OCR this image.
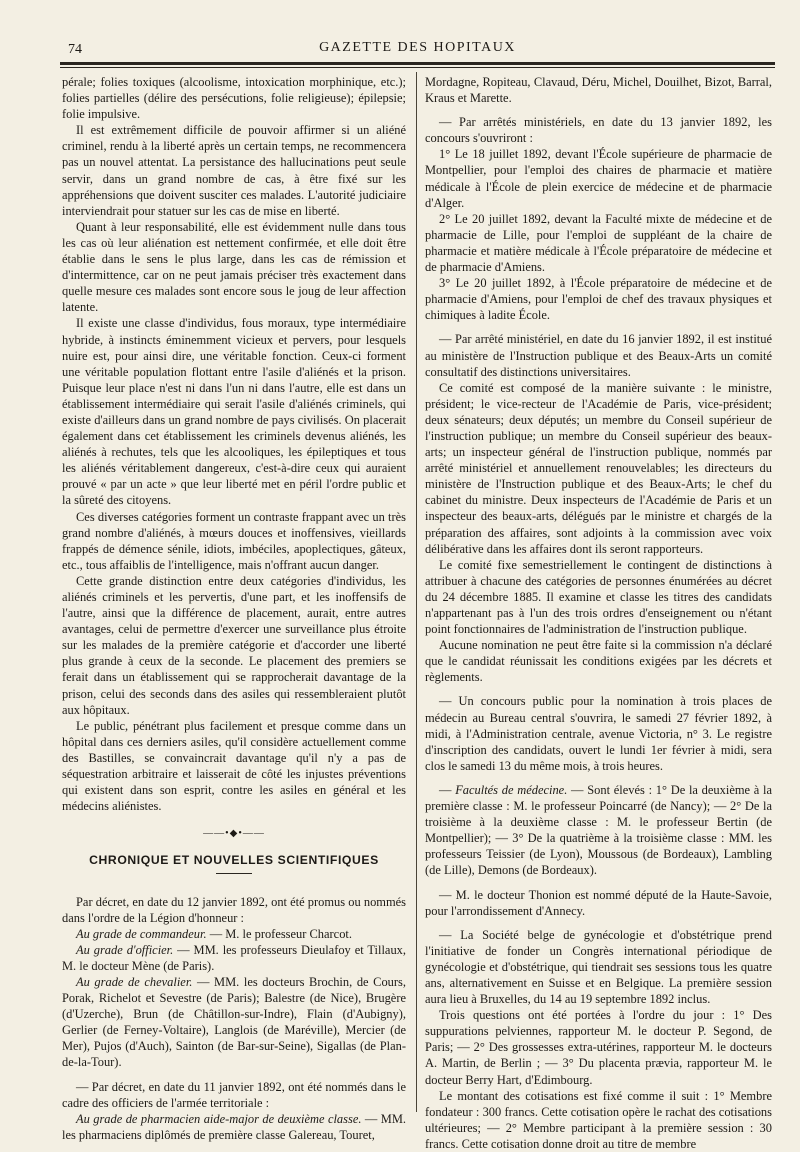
74	GAZETTE DES HOPITAUX

pérale; folies toxiques (alcoolisme, intoxication morphinique, etc.); folies partielles (délire des persécutions, folie religieuse); épilepsie; folie impulsive.

Il est extrêmement difficile de pouvoir affirmer si un aliéné criminel, rendu à la liberté après un certain temps, ne recommencera pas un nouvel attentat. La persistance des hallucinations peut seule servir, dans un grand nombre de cas, à être fixé sur les appréhensions que doivent susciter ces malades. L'autorité judiciaire interviendrait pour statuer sur les cas de mise en liberté.

Quant à leur responsabilité, elle est évidemment nulle dans tous les cas où leur aliénation est nettement confirmée, et elle doit être établie dans le sens le plus large, dans les cas de rémission et d'intermittence, car on ne peut jamais préciser très exactement dans quelle mesure ces malades sont encore sous le joug de leur affection latente.

Il existe une classe d'individus, fous moraux, type intermédiaire hybride, à instincts éminemment vicieux et pervers, pour lesquels nuire est, pour ainsi dire, une véritable fonction. Ceux-ci forment une véritable population flottant entre l'asile d'aliénés et la prison. Puisque leur place n'est ni dans l'un ni dans l'autre, elle est dans un établissement intermédiaire qui serait l'asile d'aliénés criminels, qui existe d'ailleurs dans un grand nombre de pays civilisés. On placerait également dans cet établissement les criminels devenus aliénés, les aliénés à rechutes, tels que les alcooliques, les épileptiques et tous les aliénés véritablement dangereux, c'est-à-dire ceux qui auraient prouvé « par un acte » que leur liberté met en péril l'ordre public et la sûreté des citoyens.

Ces diverses catégories forment un contraste frappant avec un très grand nombre d'aliénés, à mœurs douces et inoffensives, vieillards frappés de démence sénile, idiots, imbéciles, apoplectiques, gâteux, etc., tous affaiblis de l'intelligence, mais n'offrant aucun danger.

Cette grande distinction entre deux catégories d'individus, les aliénés criminels et les pervertis, d'une part, et les inoffensifs de l'autre, ainsi que la différence de placement, aurait, entre autres avantages, celui de permettre d'exercer une surveillance plus étroite sur les malades de la première catégorie et d'accorder une liberté plus grande à ceux de la seconde. Le placement des premiers se ferait dans un établissement qui se rapprocherait davantage de la prison, celui des seconds dans des asiles qui ressembleraient plutôt aux hôpitaux.

Le public, pénétrant plus facilement et presque comme dans un hôpital dans ces derniers asiles, qu'il considère actuellement comme des Bastilles, se convaincrait davantage qu'il n'y a pas de séquestration arbitraire et laisserait de côté les injustes préventions qui existent dans son esprit, contre les asiles en général et les médecins aliénistes.

——•◆•——
CHRONIQUE ET NOUVELLES SCIENTIFIQUES

Par décret, en date du 12 janvier 1892, ont été promus ou nommés dans l'ordre de la Légion d'honneur :

Au grade de commandeur. — M. le professeur Charcot.

Au grade d'officier. — MM. les professeurs Dieulafoy et Tillaux, M. le docteur Mène (de Paris).

Au grade de chevalier. — MM. les docteurs Brochin, de Cours, Porak, Richelot et Sevestre (de Paris); Balestre (de Nice), Brugère (d'Uzerche), Brun (de Châtillon-sur-Indre), Flain (d'Aubigny), Gerlier (de Ferney-Voltaire), Langlois (de Maréville), Mercier (de Mer), Pujos (d'Auch), Sainton (de Bar-sur-Seine), Sigallas (de Plan-de-la-Tour).

— Par décret, en date du 11 janvier 1892, ont été nommés dans le cadre des officiers de l'armée territoriale :

Au grade de pharmacien aide-major de deuxième classe. — MM. les pharmaciens diplômés de première classe Galereau, Touret,

Mordagne, Ropiteau, Clavaud, Déru, Michel, Douilhet, Bizot, Barral, Kraus et Marette.

— Par arrêtés ministériels, en date du 13 janvier 1892, les concours s'ouvriront :

1° Le 18 juillet 1892, devant l'École supérieure de pharmacie de Montpellier, pour l'emploi des chaires de pharmacie et matière médicale à l'École de plein exercice de médecine et de pharmacie d'Alger.

2° Le 20 juillet 1892, devant la Faculté mixte de médecine et de pharmacie de Lille, pour l'emploi de suppléant de la chaire de pharmacie et matière médicale à l'École préparatoire de médecine et de pharmacie d'Amiens.

3° Le 20 juillet 1892, à l'École préparatoire de médecine et de pharmacie d'Amiens, pour l'emploi de chef des travaux physiques et chimiques à ladite École.

— Par arrêté ministériel, en date du 16 janvier 1892, il est institué au ministère de l'Instruction publique et des Beaux-Arts un comité consultatif des distinctions universitaires.

Ce comité est composé de la manière suivante : le ministre, président; le vice-recteur de l'Académie de Paris, vice-président; deux sénateurs; deux députés; un membre du Conseil supérieur de l'instruction publique; un membre du Conseil supérieur des beaux-arts; un inspecteur général de l'instruction publique, nommés par arrêté ministériel et annuellement renouvelables; les directeurs du ministère de l'Instruction publique et des Beaux-Arts; le chef du cabinet du ministre. Deux inspecteurs de l'Académie de Paris et un inspecteur des beaux-arts, délégués par le ministre et chargés de la préparation des affaires, sont adjoints à la commission avec voix délibérative dans les affaires dont ils seront rapporteurs.

Le comité fixe semestriellement le contingent de distinctions à attribuer à chacune des catégories de personnes énumérées au décret du 24 décembre 1885. Il examine et classe les titres des candidats n'appartenant pas à l'un des trois ordres d'enseignement ou n'étant point fonctionnaires de l'administration de l'instruction publique.

Aucune nomination ne peut être faite si la commission n'a déclaré que le candidat réunissait les conditions exigées par les décrets et règlements.

— Un concours public pour la nomination à trois places de médecin au Bureau central s'ouvrira, le samedi 27 février 1892, à midi, à l'Administration centrale, avenue Victoria, n° 3. Le registre d'inscription des candidats, ouvert le lundi 1er février à midi, sera clos le samedi 13 du même mois, à trois heures.

— Facultés de médecine. — Sont élevés : 1° De la deuxième à la première classe : M. le professeur Poincarré (de Nancy); — 2° De la troisième à la deuxième classe : M. le professeur Bertin (de Montpellier); — 3° De la quatrième à la troisième classe : MM. les professeurs Teissier (de Lyon), Moussous (de Bordeaux), Lambling (de Lille), Demons (de Bordeaux).

— M. le docteur Thonion est nommé député de la Haute-Savoie, pour l'arrondissement d'Annecy.

— La Société belge de gynécologie et d'obstétrique prend l'initiative de fonder un Congrès international périodique de gynécologie et d'obstétrique, qui tiendrait ses sessions tous les quatre ans, alternativement en Suisse et en Belgique. La première session aura lieu à Bruxelles, du 14 au 19 septembre 1892 inclus.

Trois questions ont été portées à l'ordre du jour : 1° Des suppurations pelviennes, rapporteur M. le docteur P. Segond, de Paris; — 2° Des grossesses extra-utérines, rapporteur M. le docteurs A. Martin, de Berlin ; — 3° Du placenta prævia, rapporteur M. le docteur Berry Hart, d'Edimbourg.

Le montant des cotisations est fixé comme il suit : 1° Membre fondateur : 300 francs. Cette cotisation opère le rachat des cotisations ultérieures; — 2° Membre participant à la première session : 30 francs. Cette cotisation donne droit au titre de membre
